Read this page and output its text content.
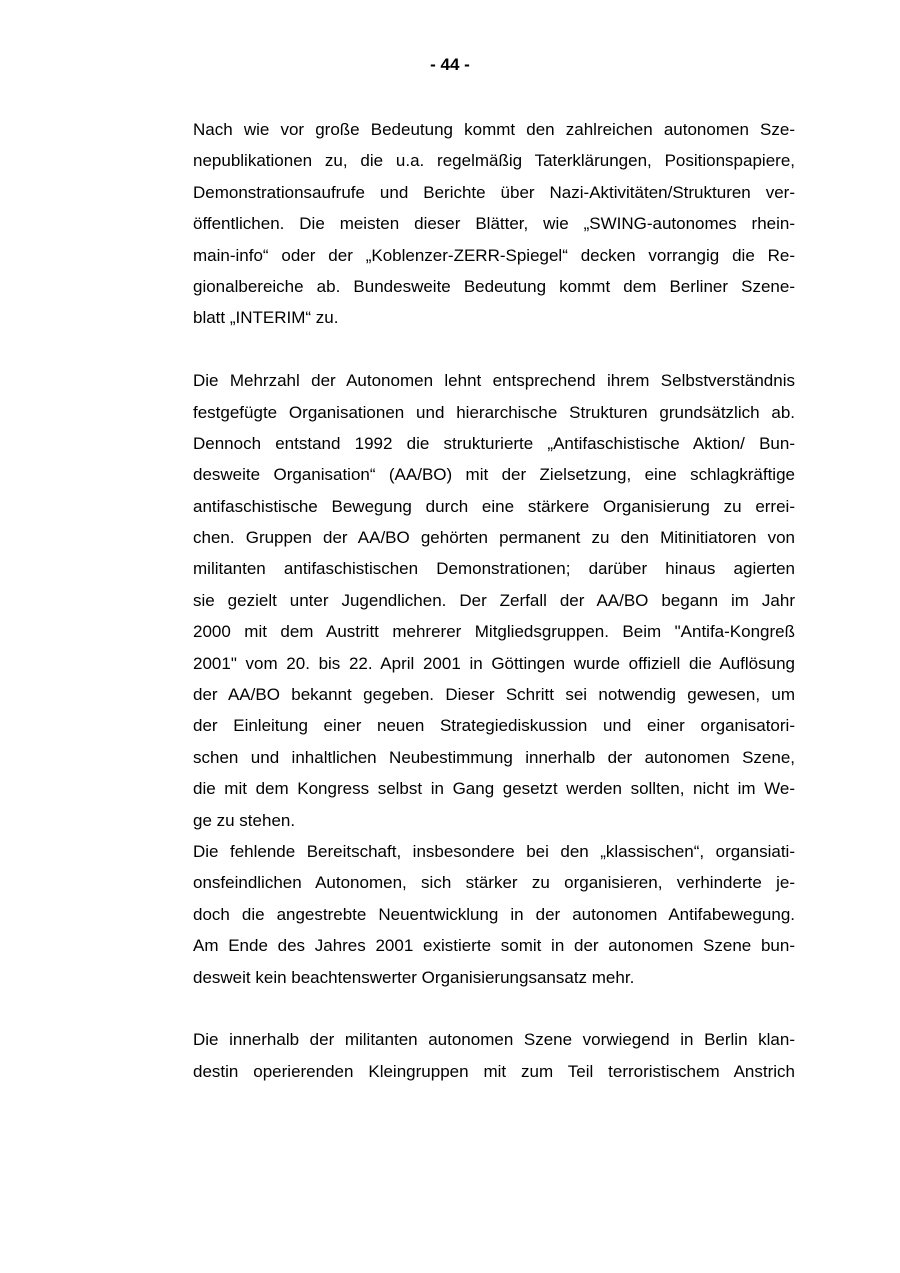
- 44 -
Nach wie vor große Bedeutung kommt den zahlreichen autonomen Sze-
nepublikationen zu, die u.a. regelmäßig Taterklärungen, Positionspapiere,
Demonstrationsaufrufe und Berichte über Nazi-Aktivitäten/Strukturen ver-
öffentlichen. Die meisten dieser Blätter, wie „SWING-autonomes rhein-
main-info“ oder der „Koblenzer-ZERR-Spiegel“ decken vorrangig die Re-
gionalbereiche ab. Bundesweite Bedeutung kommt dem Berliner Szene-
blatt „INTERIM“ zu.
Die Mehrzahl der Autonomen lehnt entsprechend ihrem Selbstverständnis
festgefügte Organisationen und hierarchische Strukturen grundsätzlich ab.
Dennoch entstand 1992 die strukturierte „Antifaschistische Aktion/ Bun-
desweite Organisation“ (AA/BO) mit der Zielsetzung, eine schlagkräftige
antifaschistische Bewegung durch eine stärkere Organisierung zu errei-
chen. Gruppen der AA/BO gehörten permanent zu den Mitinitiatoren von
militanten antifaschistischen Demonstrationen; darüber hinaus agierten
sie gezielt unter Jugendlichen. Der Zerfall der AA/BO begann im Jahr
2000 mit dem Austritt mehrerer Mitgliedsgruppen. Beim "Antifa-Kongreß
2001" vom 20. bis 22. April 2001 in Göttingen wurde offiziell die Auflösung
der AA/BO bekannt gegeben. Dieser Schritt sei notwendig gewesen, um
der Einleitung einer neuen Strategiediskussion und einer organisatori-
schen und inhaltlichen Neubestimmung innerhalb der autonomen Szene,
die mit dem Kongress selbst in Gang gesetzt werden sollten, nicht im We-
ge zu stehen.
Die fehlende Bereitschaft, insbesondere bei den „klassischen“, organsiati-
onsfeindlichen Autonomen, sich stärker zu organisieren, verhinderte je-
doch die angestrebte Neuentwicklung in der autonomen Antifabewegung.
Am Ende des Jahres 2001 existierte somit in der autonomen Szene bun-
desweit kein beachtenswerter Organisierungsansatz mehr.
Die innerhalb der militanten autonomen Szene vorwiegend in Berlin klan-
destin operierenden Kleingruppen mit zum Teil terroristischem Anstrich
